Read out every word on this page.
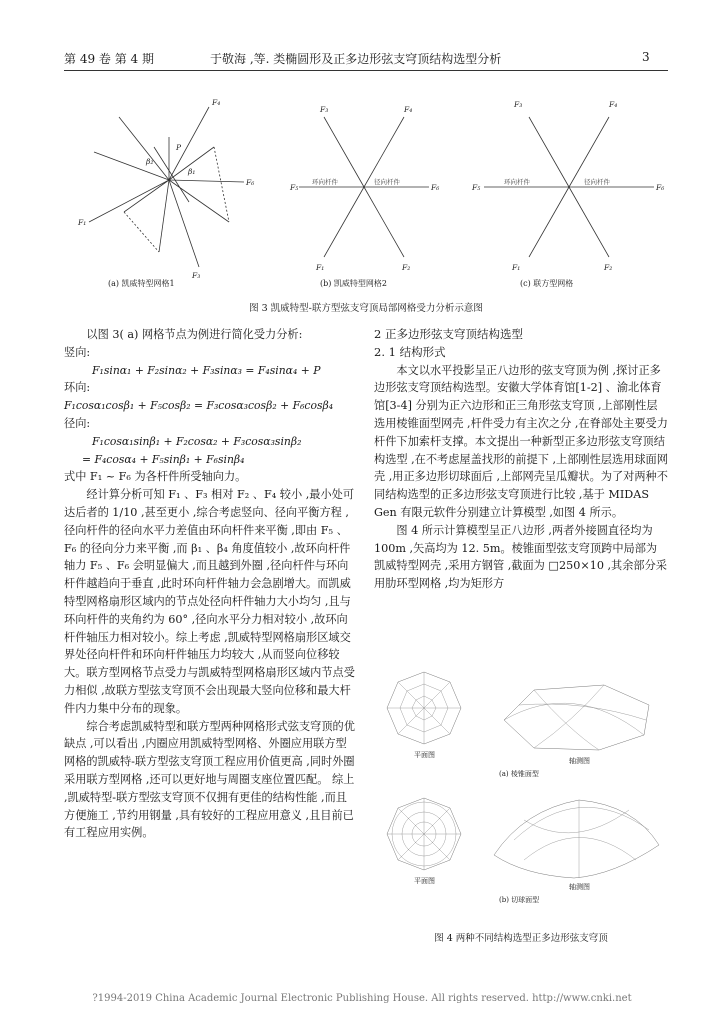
第 49 卷 第 4 期	于敬海 ,等. 类椭圆形及正多边形弦支穹顶结构选型分析	3
F₄
F₆
F₁
F₃
β₂
β₁
P
F₃	F₄
F₅	F₆
F₁	F₂
F₃	F₄
F₅	F₆
F₁	F₂
环向杆件	径向杆件	环向杆件	径向杆件
(a) 凯威特型网格1	(b) 凯威特型网格2	(c) 联方型网格
图 3 凯威特型-联方型弦支穹顶局部网格受力分析示意图

以图 3( a) 网格节点为例进行简化受力分析:

竖向:

F₁sinα₁ + F₂sinα₂ + F₃sinα₃ = F₄sinα₄ + P

环向:

F₁cosα₁cosβ₁ + F₅cosβ₂ = F₃cosα₃cosβ₂ + F₆cosβ₄

径向:

F₁cosα₁sinβ₁ + F₂cosα₂ + F₃cosα₃sinβ₂

= F₄cosα₄ + F₅sinβ₁ + F₆sinβ₄

式中 F₁ ~ F₆ 为各杆件所受轴向力。

经计算分析可知 F₁ 、F₃ 相对 F₂ 、F₄ 较小 ,最小处可达后者的 1/10 ,甚至更小 ,综合考虑竖向、径向平衡方程 ,径向杆件的径向水平力差值由环向杆件来平衡 ,即由 F₅ 、F₆ 的径向分力来平衡 ,而 β₁ 、β₄ 角度值较小 ,故环向杆件轴力 F₅ 、F₆ 会明显偏大 ,而且越到外圈 ,径向杆件与环向杆件越趋向于垂直 ,此时环向杆件轴力会急剧增大。而凯威特型网格扇形区域内的节点处径向杆件轴力大小均匀 ,且与环向杆件的夹角约为 60° ,径向水平分力相对较小 ,故环向杆件轴压力相对较小。综上考虑 ,凯威特型网格扇形区域交界处径向杆件和环向杆件轴压力均较大 ,从而竖向位移较大。联方型网格节点受力与凯威特型网格扇形区域内节点受力相似 ,故联方型弦支穹顶不会出现最大竖向位移和最大杆件内力集中分布的现象。

综合考虑凯威特型和联方型两种网格形式弦支穹顶的优缺点 ,可以看出 ,内圈应用凯威特型网格、外圈应用联方型网格的凯威特-联方型弦支穹顶工程应用价值更高 ,同时外圈采用联方型网格 ,还可以更好地与周圈支座位置匹配。 综上 ,凯威特型-联方型弦支穹顶不仅拥有更佳的结构性能 ,而且方便施工 ,节约用钢量 ,具有较好的工程应用意义 ,且目前已有工程应用实例。

2 正多边形弦支穹顶结构选型

2. 1 结构形式

本文以水平投影呈正八边形的弦支穹顶为例 ,探讨正多边形弦支穹顶结构选型。安徽大学体育馆[1-2] 、渝北体育馆[3-4] 分别为正六边形和正三角形弦支穹顶 ,上部刚性层选用棱锥面型网壳 ,杆件受力有主次之分 ,在脊部处主要受力杆件下加索杆支撑。本文提出一种新型正多边形弦支穹顶结构选型 ,在不考虑屋盖找形的前提下 ,上部刚性层选用球面网壳 ,用正多边形切球面后 ,上部网壳呈瓜瓣状。为了对两种不同结构选型的正多边形弦支穹顶进行比较 ,基于 MIDAS Gen 有限元软件分别建立计算模型 ,如图 4 所示。

图 4 所示计算模型呈正八边形 ,两者外接圆直径均为 100m ,矢高均为 12. 5m。棱锥面型弦支穹顶跨中局部为凯威特型网壳 ,采用方钢管 ,截面为 □250×10 ,其余部分采用肋环型网格 ,均为矩形方

平面图
轴测图
(a) 棱锥面型
平面图
轴测图
(b) 切球面型
图 4 两种不同结构选型正多边形弦支穹顶
?1994-2019 China Academic Journal Electronic Publishing House. All rights reserved. http://www.cnki.net
